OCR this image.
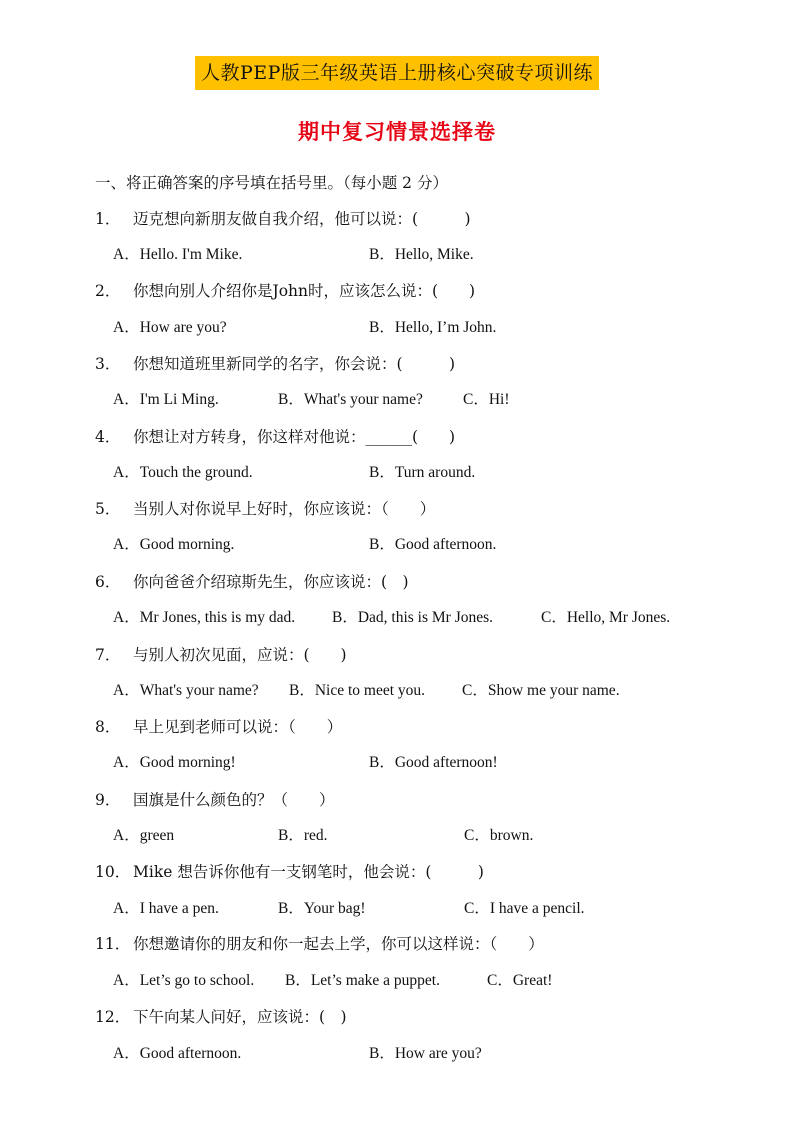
人教PEP版三年级英语上册核心突破专项训练
期中复习情景选择卷
一、将正确答案的序号填在括号里。（每小题 2 分）
1． 迈克想向新朋友做自我介绍，他可以说：(　　　)
A．Hello. I'm Mike.	B．Hello, Mike.
2． 你想向别人介绍你是John时，应该怎么说：(　　)
A．How are you?	B．Hello, I’m John.
3． 你想知道班里新同学的名字，你会说：(　　　)
A．I'm Li Ming.	B．What's your name?	C．Hi!
4． 你想让对方转身，你这样对他说：______(　　)
A．Touch the ground.	B．Turn around.
5． 当别人对你说早上好时，你应该说：（　　）
A．Good morning.	B．Good afternoon.
6． 你向爸爸介绍琼斯先生，你应该说：(　)
A．Mr Jones, this is my dad. B．Dad, this is Mr Jones.	C．Hello, Mr Jones.
7． 与别人初次见面，应说：(　　)
A．What's your name? B．Nice to meet you. C．Show me your name.
8． 早上见到老师可以说：（　　）
A．Good morning!	B．Good afternoon!
9． 国旗是什么颜色的？（　　）
A．green	B．red.	C．brown.
10． Mike 想告诉你他有一支钢笔时，他会说：(　　　)
A．I have a pen.	B．Your bag!	C．I have a pencil.
11． 你想邀请你的朋友和你一起去上学，你可以这样说：（　　）
A．Let’s go to school. B．Let’s make a puppet.	C．Great!
12． 下午向某人问好，应该说：(　)
A．Good afternoon.	B．How are you?
